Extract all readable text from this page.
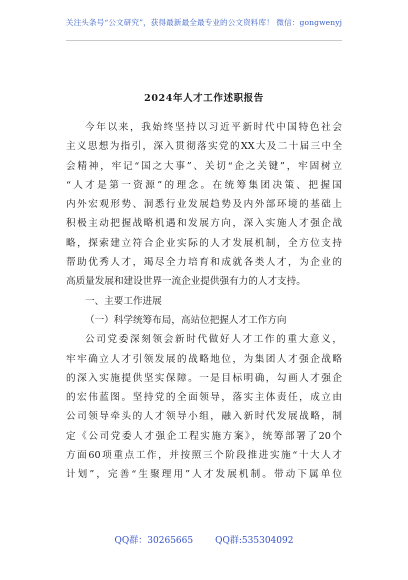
关注头条号“公文研究”，获得最新最全最专业的公文资料库！ 微信：gongwenyj
2024年人才工作述职报告
今年以来，我始终坚持以习近平新时代中国特色社会
主义思想为指引，深入贯彻落实党的XX大及二十届三中全
会精神，牢记“国之大事”、关切“企之关键”，牢固树立
“人才是第一资源”的理念。在统筹集团决策、把握国
内外宏观形势、洞悉行业发展趋势及内外部环境的基础上
积极主动把握战略机遇和发展方向，深入实施人才强企战
略，探索建立符合企业实际的人才发展机制，全方位支持
帮助优秀人才，竭尽全力培育和成就各类人才，为企业的
高质量发展和建设世界一流企业提供强有力的人才支持。
一、主要工作进展
（一）科学统筹布局，高站位把握人才工作方向
公司党委深刻领会新时代做好人才工作的重大意义，
牢牢确立人才引领发展的战略地位，为集团人才强企战略
的深入实施提供坚实保障。一是目标明确，勾画人才强企
的宏伟蓝图。坚持党的全面领导，落实主体责任，成立由
公司领导牵头的人才领导小组，融入新时代发展战略，制
定《公司党委人才强企工程实施方案》，统筹部署了20个
方面60项重点工作，并按照三个阶段推进实施“十大人才
计划”，完善“生聚理用”人才发展机制。带动下属单位
QQ群：30265665 QQ群:535304092
